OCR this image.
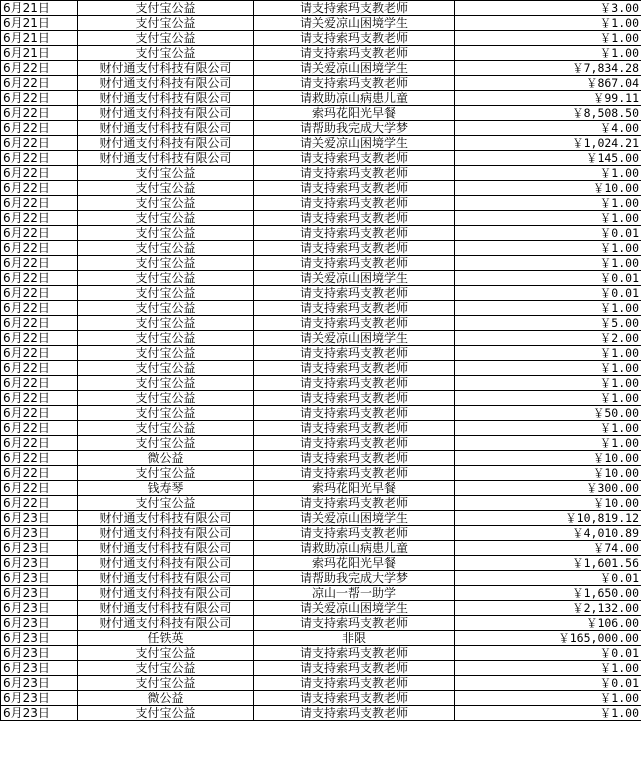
6月21日	支付宝公益	请支持索玛支教老师	￥3.00
6月21日	支付宝公益	请关爱凉山困境学生	￥1.00
6月21日	支付宝公益	请支持索玛支教老师	￥1.00
6月21日	支付宝公益	请支持索玛支教老师	￥1.00
6月22日	财付通支付科技有限公司	请关爱凉山困境学生	￥7,834.28
6月22日	财付通支付科技有限公司	请支持索玛支教老师	￥867.04
6月22日	财付通支付科技有限公司	请救助凉山病患儿童	￥99.11
6月22日	财付通支付科技有限公司	索玛花阳光早餐	￥8,508.50
6月22日	财付通支付科技有限公司	请帮助我完成大学梦	￥4.00
6月22日	财付通支付科技有限公司	请关爱凉山困境学生	￥1,024.21
6月22日	财付通支付科技有限公司	请支持索玛支教老师	￥145.00
6月22日	支付宝公益	请支持索玛支教老师	￥1.00
6月22日	支付宝公益	请支持索玛支教老师	￥10.00
6月22日	支付宝公益	请支持索玛支教老师	￥1.00
6月22日	支付宝公益	请支持索玛支教老师	￥1.00
6月22日	支付宝公益	请支持索玛支教老师	￥0.01
6月22日	支付宝公益	请支持索玛支教老师	￥1.00
6月22日	支付宝公益	请支持索玛支教老师	￥1.00
6月22日	支付宝公益	请关爱凉山困境学生	￥0.01
6月22日	支付宝公益	请支持索玛支教老师	￥0.01
6月22日	支付宝公益	请支持索玛支教老师	￥1.00
6月22日	支付宝公益	请支持索玛支教老师	￥5.00
6月22日	支付宝公益	请关爱凉山困境学生	￥2.00
6月22日	支付宝公益	请支持索玛支教老师	￥1.00
6月22日	支付宝公益	请支持索玛支教老师	￥1.00
6月22日	支付宝公益	请支持索玛支教老师	￥1.00
6月22日	支付宝公益	请支持索玛支教老师	￥1.00
6月22日	支付宝公益	请支持索玛支教老师	￥50.00
6月22日	支付宝公益	请支持索玛支教老师	￥1.00
6月22日	支付宝公益	请支持索玛支教老师	￥1.00
6月22日	微公益	请支持索玛支教老师	￥10.00
6月22日	支付宝公益	请支持索玛支教老师	￥10.00
6月22日	钱寿琴	索玛花阳光早餐	￥300.00
6月22日	支付宝公益	请支持索玛支教老师	￥10.00
6月23日	财付通支付科技有限公司	请关爱凉山困境学生	￥10,819.12
6月23日	财付通支付科技有限公司	请支持索玛支教老师	￥4,010.89
6月23日	财付通支付科技有限公司	请救助凉山病患儿童	￥74.00
6月23日	财付通支付科技有限公司	索玛花阳光早餐	￥1,601.56
6月23日	财付通支付科技有限公司	请帮助我完成大学梦	￥0.01
6月23日	财付通支付科技有限公司	凉山一帮一助学	￥1,650.00
6月23日	财付通支付科技有限公司	请关爱凉山困境学生	￥2,132.00
6月23日	财付通支付科技有限公司	请支持索玛支教老师	￥106.00
6月23日	任铁英	非限	￥165,000.00
6月23日	支付宝公益	请支持索玛支教老师	￥0.01
6月23日	支付宝公益	请支持索玛支教老师	￥1.00
6月23日	支付宝公益	请支持索玛支教老师	￥0.01
6月23日	微公益	请支持索玛支教老师	￥1.00
6月23日	支付宝公益	请支持索玛支教老师	￥1.00
